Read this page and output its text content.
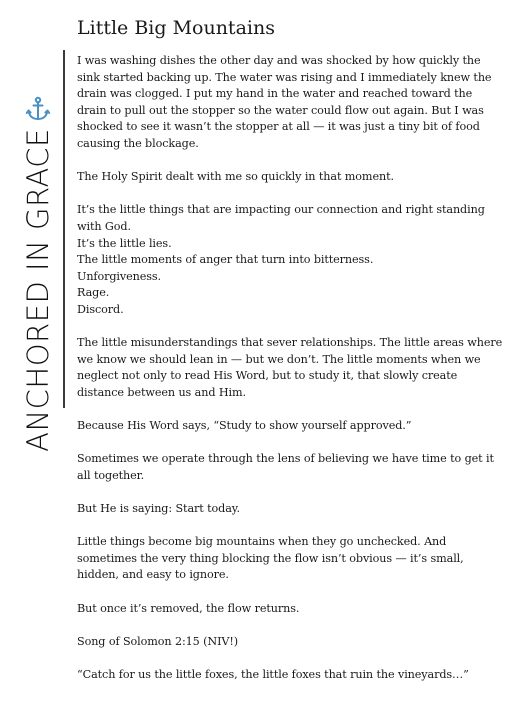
ANCHORED IN GRACE
Little Big Mountains

I was washing dishes the other day and was shocked by how quickly the sink started backing up. The water was rising and I immediately knew the drain was clogged. I put my hand in the water and reached toward the drain to pull out the stopper so the water could flow out again. But I was shocked to see it wasn’t the stopper at all — it was just a tiny bit of food causing the blockage.

The Holy Spirit dealt with me so quickly in that moment.

It’s the little things that are impacting our connection and right standing with God.
It’s the little lies.
The little moments of anger that turn into bitterness.
Unforgiveness.
Rage.
Discord.

The little misunderstandings that sever relationships. The little areas where we know we should lean in — but we don’t. The little moments when we neglect not only to read His Word, but to study it, that slowly create distance between us and Him.

Because His Word says, “Study to show yourself approved.”

Sometimes we operate through the lens of believing we have time to get it all together.

But He is saying: Start today.

Little things become big mountains when they go unchecked. And sometimes the very thing blocking the flow isn’t obvious — it’s small, hidden, and easy to ignore.

But once it’s removed, the flow returns.

Song of Solomon 2:15 (NIV!)

“Catch for us the little foxes, the little foxes that ruin the vineyards…”
